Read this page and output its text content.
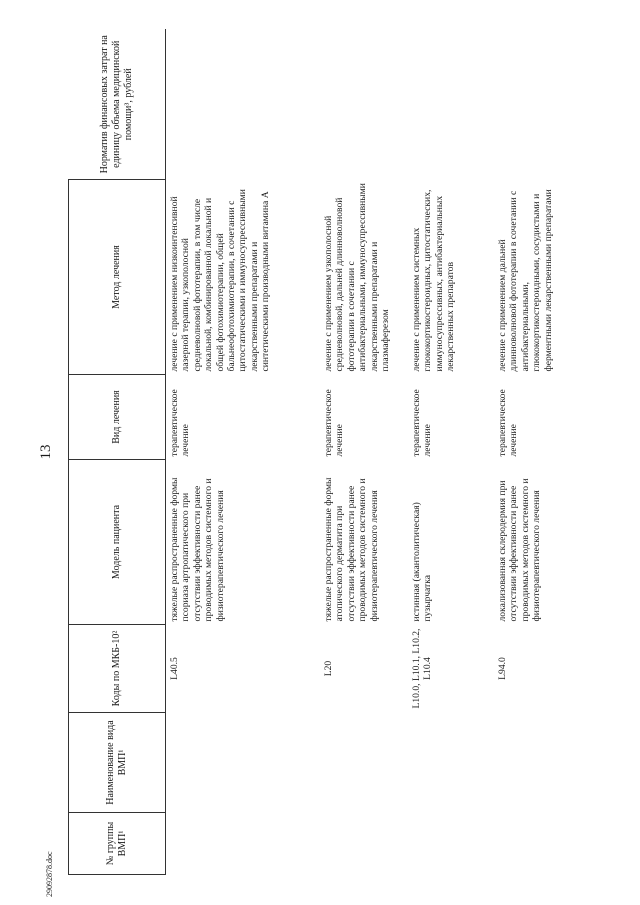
13
29092878.doc
№ группы ВМП¹	Наименование вида ВМП¹	Коды по МКБ-10²	Модель пациента	Вид лечения	Метод лечения	Норматив финансовых затрат на единицу объема медицинской помощи³, рублей
		L40.5	тяжелые распространенные формы псориаза артропатического при отсутствии эффективности ранее проводимых методов системного и физиотерапевтического лечения	терапевтическое лечение	лечение с применением низкоинтенсивной лазерной терапии, узкополосной средневолновой фототерапии, в том числе локальной, комбинированной локальной и общей фотохимиотерапии, общей бальнеофотохимиотерапии, в сочетании с цитостатическими и иммуносупрессивными лекарственными препаратами и синтетическими производными витамина A	
		L20	тяжелые распространенные формы атопического дерматита при отсутствии эффективности ранее проводимых методов системного и физиотерапевтического лечения	терапевтическое лечение	лечение с применением узкополосной средневолновой, дальней длинноволновой фототерапии в сочетании с антибактериальными, иммуносупрессивными лекарственными препаратами и плазмаферезом	
		L10.0, L10.1, L10.2, L10.4	истинная (акантолитическая) пузырчатка	терапевтическое лечение	лечение с применением системных глюкокортикостероидных, цитостатических, иммуносупрессивных, антибактериальных лекарственных препаратов	
		L94.0	локализованная склеродермия при отсутствии эффективности ранее проводимых методов системного и физиотерапевтического лечения	терапевтическое лечение	лечение с применением дальней длинноволновой фототерапии в сочетании с антибактериальными, глюкокортикостероидными, сосудистыми и ферментными лекарственными препаратами	
